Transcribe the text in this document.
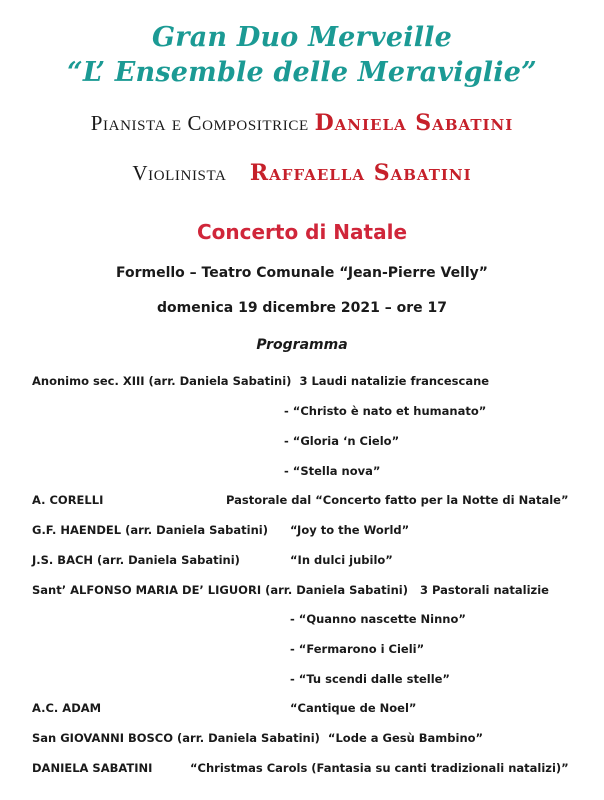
Gran Duo Merveille
“L’ Ensemble delle Meraviglie”
Pianista e Compositrice Daniela Sabatini
Violinista Raffaella Sabatini
Concerto di Natale
Formello – Teatro Comunale “Jean-Pierre Velly”
domenica 19 dicembre 2021 – ore 17
Programma
Anonimo sec. XIII (arr. Daniela Sabatini) 3 Laudi natalizie francescane
- “Christo è nato et humanato”
- “Gloria ‘n Cielo”
- “Stella nova”
A. CORELLI	Pastorale dal “Concerto fatto per la Notte di Natale”
G.F. HAENDEL (arr. Daniela Sabatini) “Joy to the World”
J.S. BACH (arr. Daniela Sabatini)	“In dulci jubilo”
Sant’ ALFONSO MARIA DE’ LIGUORI (arr. Daniela Sabatini) 3 Pastorali natalizie
- “Quanno nascette Ninno”
- “Fermarono i Cieli”
- “Tu scendi dalle stelle”
A.C. ADAM	“Cantique de Noel”
San GIOVANNI BOSCO (arr. Daniela Sabatini) “Lode a Gesù Bambino”
DANIELA SABATINI	“Christmas Carols (Fantasia su canti tradizionali natalizi)”
